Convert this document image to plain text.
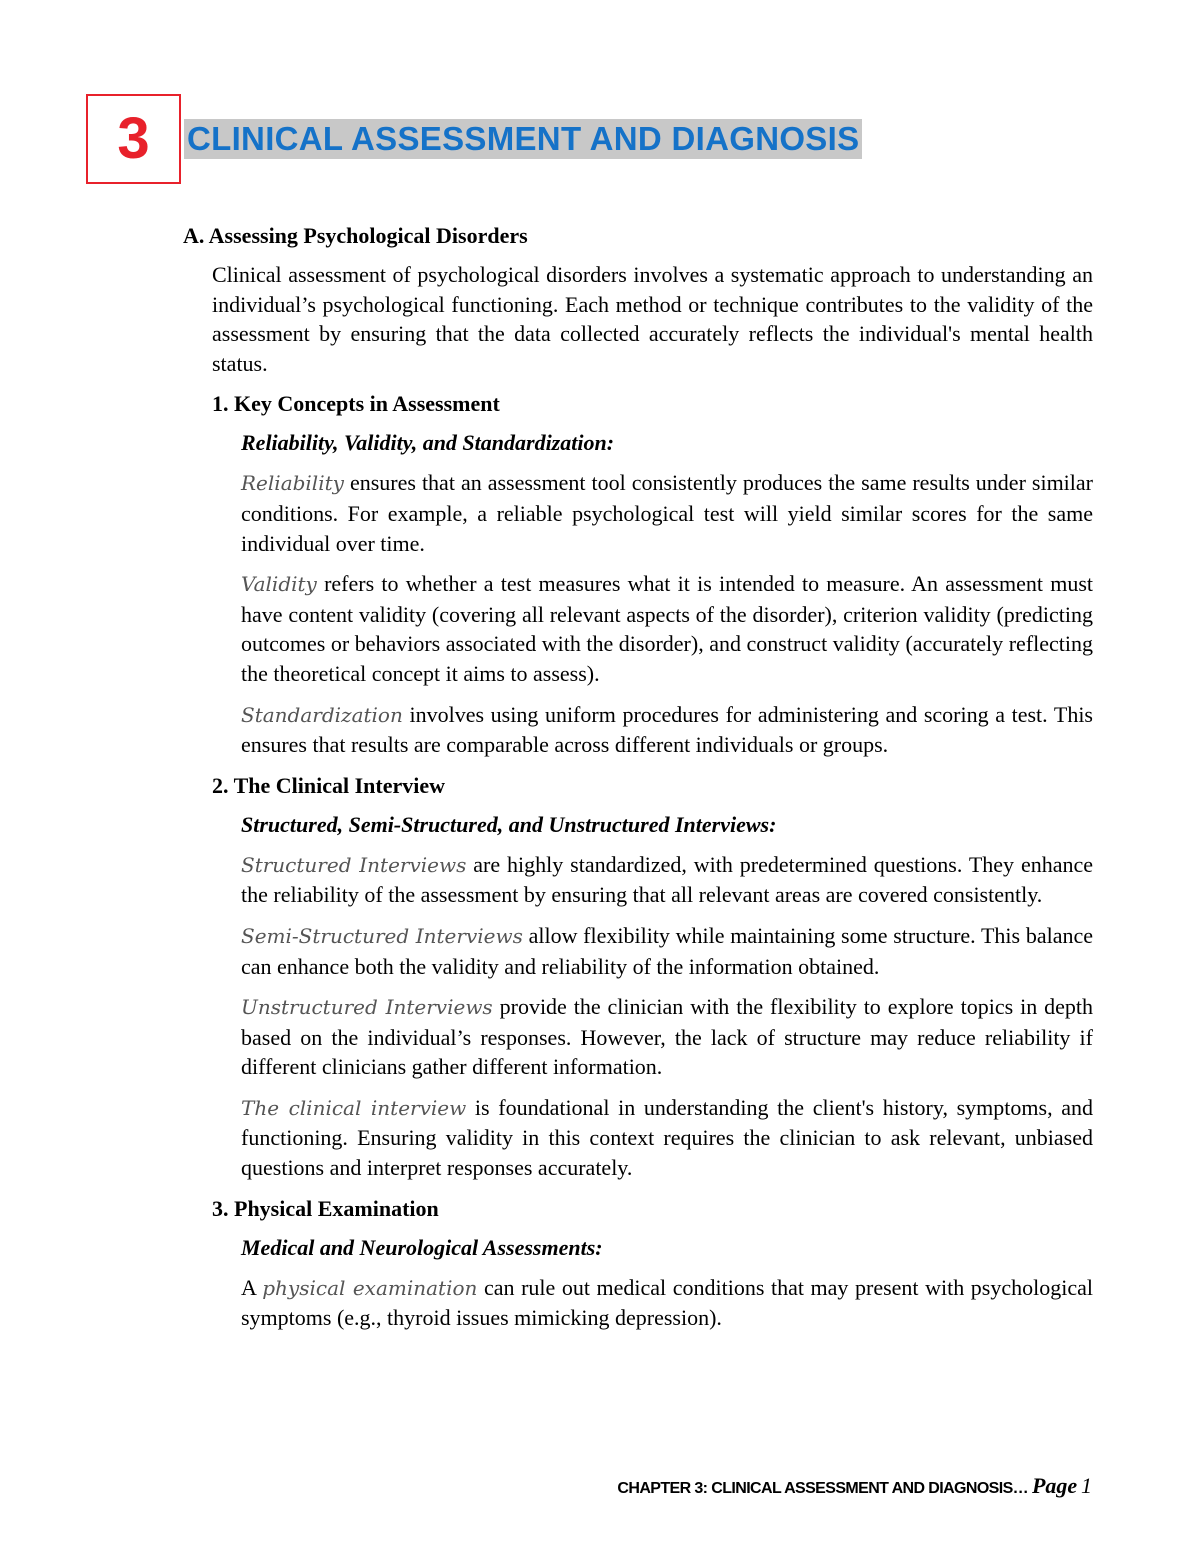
3 CLINICAL ASSESSMENT AND DIAGNOSIS
A. Assessing Psychological Disorders

Clinical assessment of psychological disorders involves a systematic approach to understanding an individual’s psychological functioning. Each method or technique contributes to the validity of the assessment by ensuring that the data collected accurately reflects the individual's mental health status.

1. Key Concepts in Assessment
Reliability, Validity, and Standardization:

Reliability ensures that an assessment tool consistently produces the same results under similar conditions. For example, a reliable psychological test will yield similar scores for the same individual over time.

Validity refers to whether a test measures what it is intended to measure. An assessment must have content validity (covering all relevant aspects of the disorder), criterion validity (predicting outcomes or behaviors associated with the disorder), and construct validity (accurately reflecting the theoretical concept it aims to assess).

Standardization involves using uniform procedures for administering and scoring a test. This ensures that results are comparable across different individuals or groups.

2. The Clinical Interview
Structured, Semi-Structured, and Unstructured Interviews:

Structured Interviews are highly standardized, with predetermined questions. They enhance the reliability of the assessment by ensuring that all relevant areas are covered consistently.

Semi-Structured Interviews allow flexibility while maintaining some structure. This balance can enhance both the validity and reliability of the information obtained.

Unstructured Interviews provide the clinician with the flexibility to explore topics in depth based on the individual’s responses. However, the lack of structure may reduce reliability if different clinicians gather different information.

The clinical interview is foundational in understanding the client's history, symptoms, and functioning. Ensuring validity in this context requires the clinician to ask relevant, unbiased questions and interpret responses accurately.

3. Physical Examination
Medical and Neurological Assessments:

A physical examination can rule out medical conditions that may present with psychological symptoms (e.g., thyroid issues mimicking depression).

CHAPTER 3: CLINICAL ASSESSMENT AND DIAGNOSIS… Page 1
